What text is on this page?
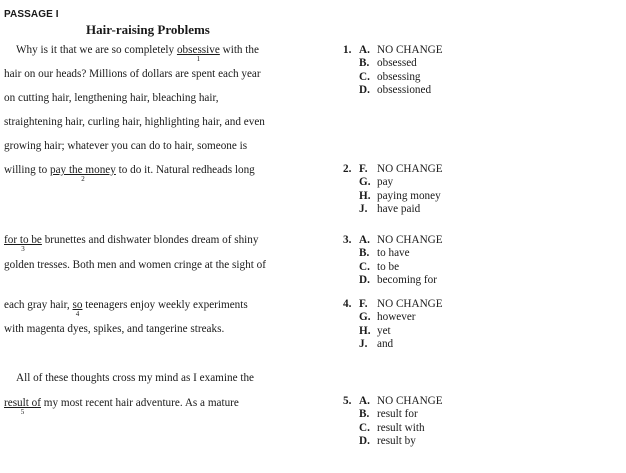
PASSAGE I
Hair-raising Problems
Why is it that we are so completely obsessive
1
with the
hair on our heads? Millions of dollars are spent each year
on cutting hair, lengthening hair, bleaching hair,
straightening hair, curling hair, highlighting hair, and even
growing hair; whatever you can do to hair, someone is
willing to pay the money
2
to do it. Natural redheads long
for to be
3
brunettes and dishwater blondes dream of shiny
golden tresses. Both men and women cringe at the sight of
each gray hair, so
4
teenagers enjoy weekly experiments
with magenta dyes, spikes, and tangerine streaks.
All of these thoughts cross my mind as I examine the
result of
5
my most recent hair adventure. As a mature
1. A. NO CHANGE
B. obsessed
C. obsessing
D. obsessioned
2. F. NO CHANGE
G. pay
H. paying money
J. have paid
3. A. NO CHANGE
B. to have
C. to be
D. becoming for
4. F. NO CHANGE
G. however
H. yet
J. and
5. A. NO CHANGE
B. result for
C. result with
D. result by
